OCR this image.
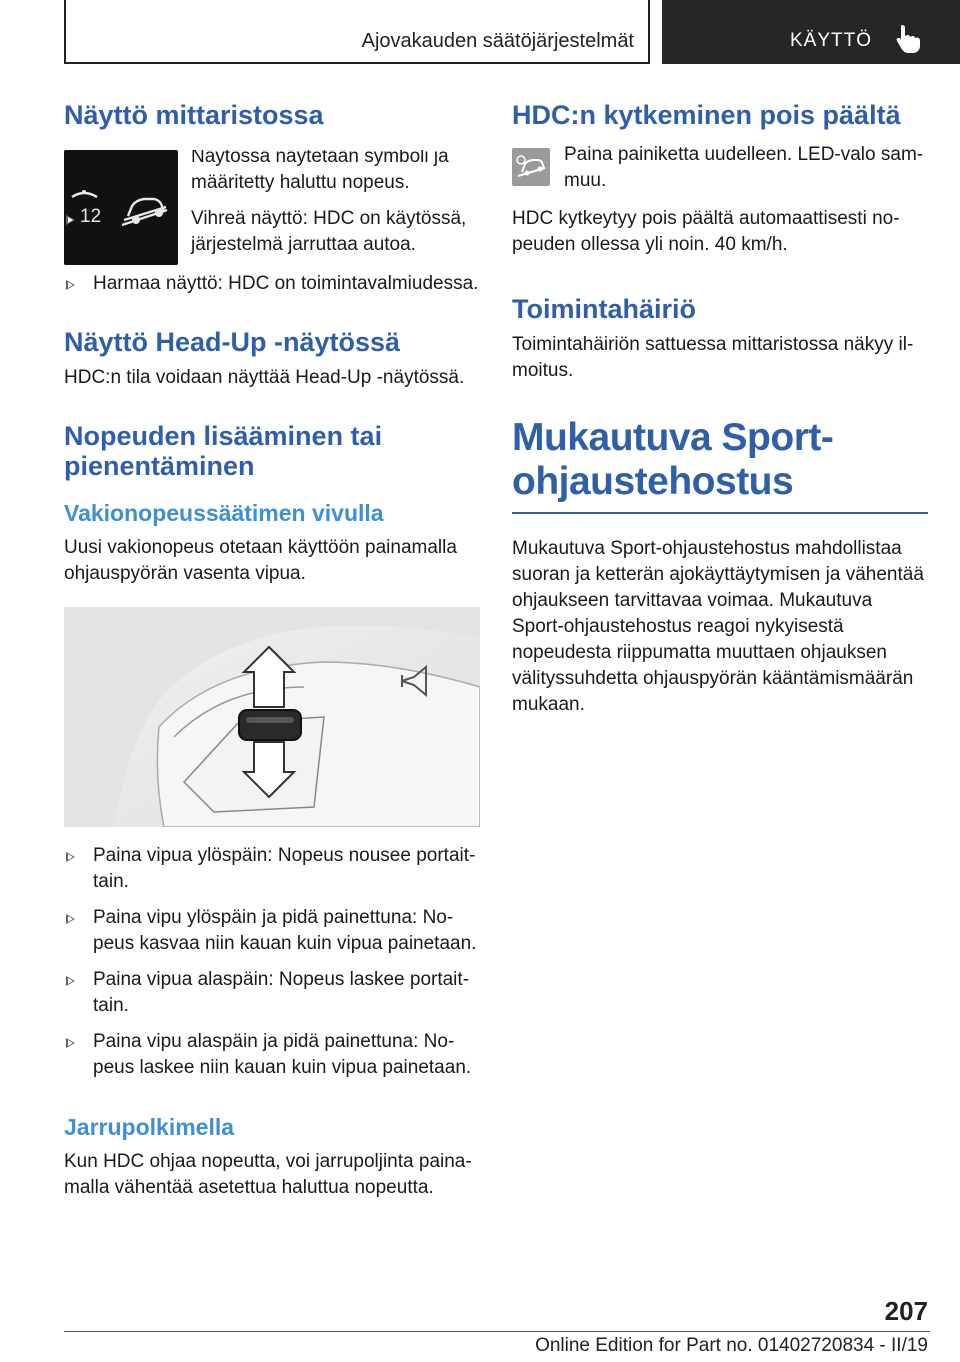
Ajovakauden säätöjärjestelmät	KÄYTTÖ
Näyttö mittaristossa
12

Näytössä näytetään symboli ja määritetty haluttu nopeus.

Vihreä näyttö: HDC on käytössä, järjestelmä jarruttaa autoa.
Harmaa näyttö: HDC on toimintavalmiudessa.
Näyttö Head-Up -näytössä

HDC:n tila voidaan näyttää Head-Up -näytössä.

Nopeuden lisääminen tai pienentäminen
Vakionopeussäätimen vivulla

Uusi vakionopeus otetaan käyttöön painamalla ohjauspyörän vasenta vipua.

Paina vipua ylöspäin: Nopeus nousee portaittain.
Paina vipu ylöspäin ja pidä painettuna: Nopeus kasvaa niin kauan kuin vipua painetaan.
Paina vipua alaspäin: Nopeus laskee portaittain.
Paina vipu alaspäin ja pidä painettuna: Nopeus laskee niin kauan kuin vipua painetaan.
Jarrupolkimella

Kun HDC ohjaa nopeutta, voi jarrupoljinta painamalla vähentää asetettua haluttua nopeutta.

HDC:n kytkeminen pois päältä

Paina painiketta uudelleen. LED-valo sammuu.

HDC kytkeytyy pois päältä automaattisesti nopeuden ollessa yli noin. 40 km/h.

Toimintahäiriö

Toimintahäiriön sattuessa mittaristossa näkyy ilmoitus.

Mukautuva Sport-ohjaustehostus

Mukautuva Sport-ohjaustehostus mahdollistaa suoran ja ketterän ajokäyttäytymisen ja vähentää ohjaukseen tarvittavaa voimaa. Mukautuva Sport-ohjaustehostus reagoi nykyisestä nopeudesta riippumatta muuttaen ohjauksen välityssuhdetta ohjauspyörän kääntämismäärän mukaan.

207
Online Edition for Part no. 01402720834 - II/19
